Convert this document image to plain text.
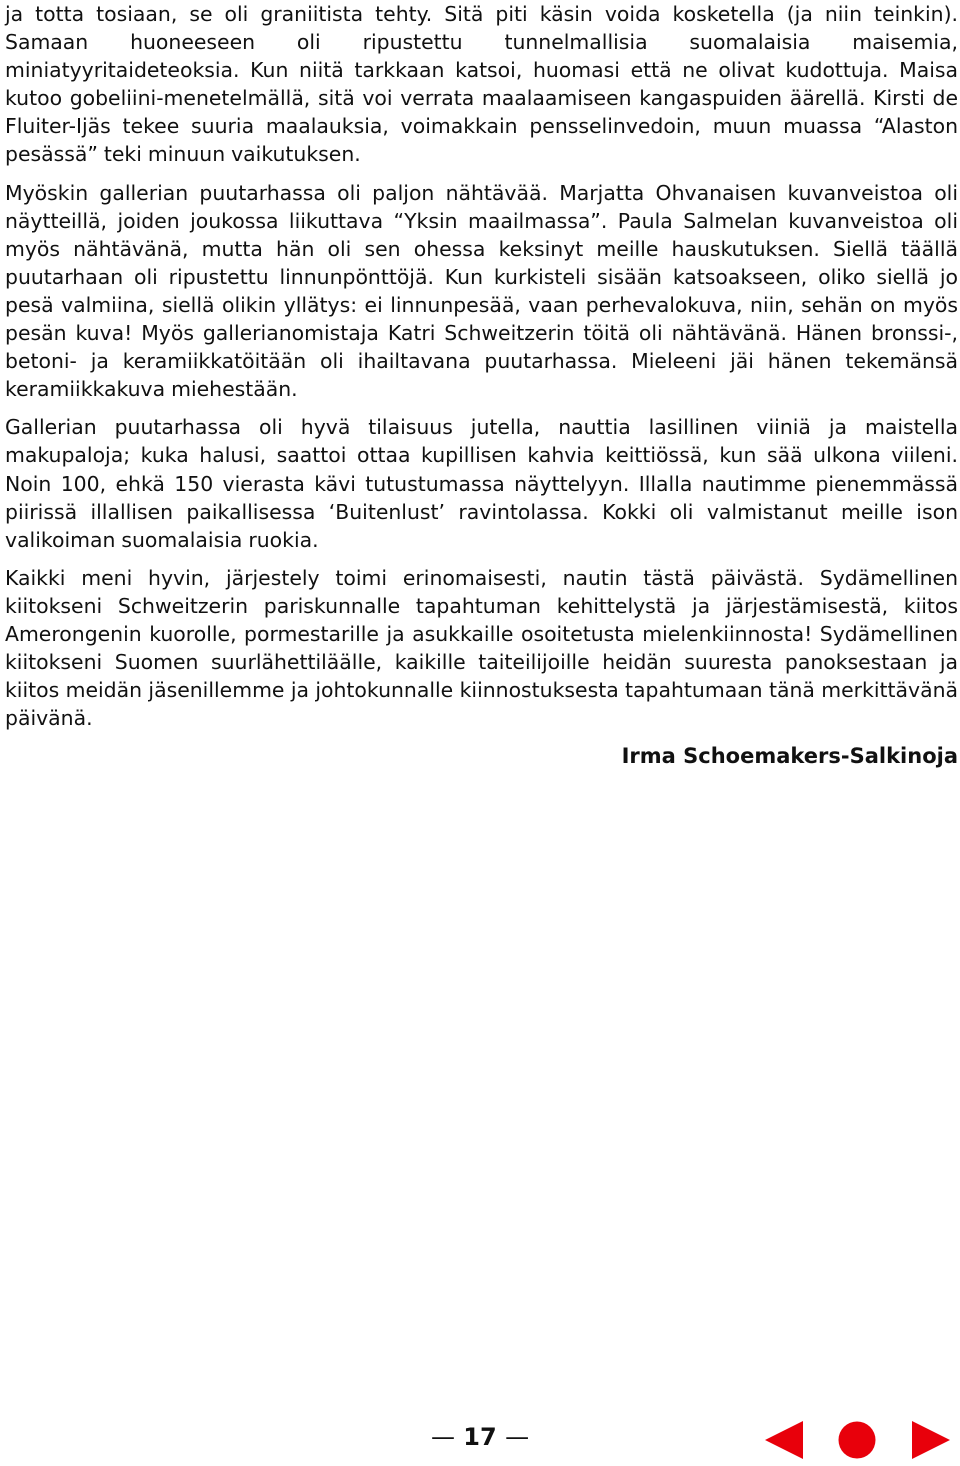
ja totta tosiaan, se oli graniitista tehty. Sitä piti käsin voida kosketella (ja niin teinkin). Samaan huoneeseen oli ripustettu tunnelmallisia suomalaisia maisemia, miniatyyritaideteoksia. Kun niitä tarkkaan katsoi, huomasi että ne olivat kudottuja. Maisa kutoo gobeliini-menetelmällä, sitä voi verrata maalaamiseen kangaspuiden äärellä. Kirsti de Fluiter-Ijäs tekee suuria maalauksia, voimakkain pensselinvedoin, muun muassa “Alaston pesässä” teki minuun vaikutuksen.

Myöskin gallerian puutarhassa oli paljon nähtävää. Marjatta Ohvanaisen kuvanveistoa oli näytteillä, joiden joukossa liikuttava “Yksin maailmassa”. Paula Salmelan kuvanveistoa oli myös nähtävänä, mutta hän oli sen ohessa keksinyt meille hauskutuksen. Siellä täällä puutarhaan oli ripustettu linnunpönttöjä. Kun kurkisteli sisään katsoakseen, oliko siellä jo pesä valmiina, siellä olikin yllätys: ei linnunpesää, vaan perhevalokuva, niin, sehän on myös pesän kuva! Myös gallerianomistaja Katri Schweitzerin töitä oli nähtävänä. Hänen bronssi-, betoni- ja keramiikkatöitään oli ihailtavana puutarhassa. Mieleeni jäi hänen tekemänsä keramiikkakuva miehestään.

Gallerian puutarhassa oli hyvä tilaisuus jutella, nauttia lasillinen viiniä ja maistella makupaloja; kuka halusi, saattoi ottaa kupillisen kahvia keittiössä, kun sää ulkona viileni. Noin 100, ehkä 150 vierasta kävi tutustumassa näyttelyyn. Illalla nautimme pienemmässä piirissä illallisen paikallisessa ‘Buitenlust’ ravintolassa. Kokki oli valmistanut meille ison valikoiman suomalaisia ruokia.

Kaikki meni hyvin, järjestely toimi erinomaisesti, nautin tästä päivästä. Sydämellinen kiitokseni Schweitzerin pariskunnalle tapahtuman kehittelystä ja järjestämisestä, kiitos Amerongenin kuorolle, pormestarille ja asukkaille osoitetusta mielenkiinnosta! Sydämellinen kiitokseni Suomen suurlähettiläälle, kaikille taiteilijoille heidän suuresta panoksestaan ja kiitos meidän jäsenillemme ja johtokunnalle kiinnostuksesta tapahtumaan tänä merkittävänä päivänä.

Irma Schoemakers-Salkinoja

— 17 —
